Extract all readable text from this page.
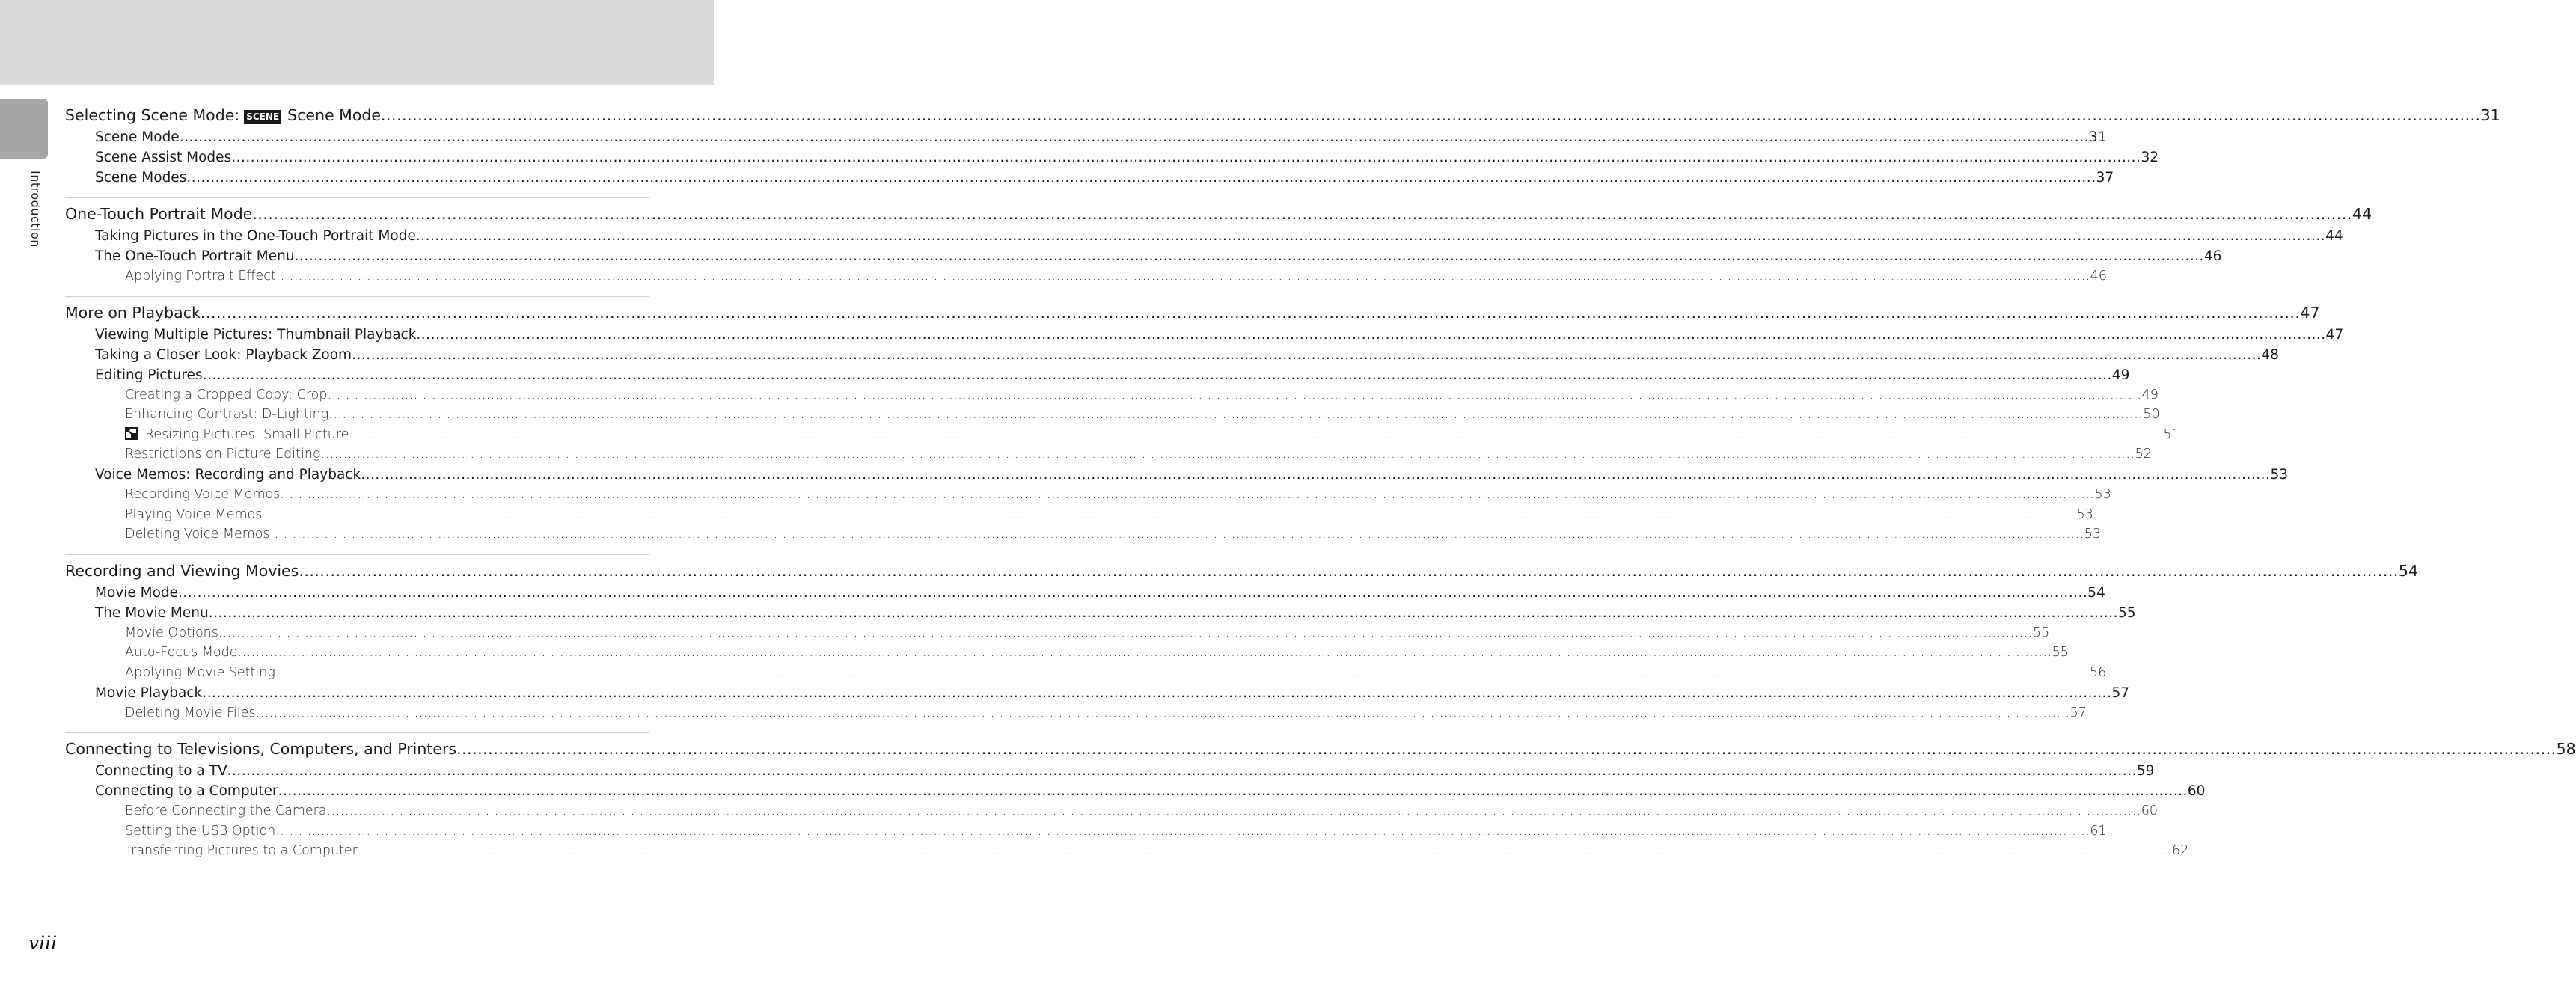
Introduction
Selecting Scene Mode: SCENE Scene Mode ................................................................................................................................................................................................................................................................................................................................................................................................................ 31
Scene Mode ................................................................................................................................................................................................................................................................................................................................................................................................................ 31
Scene Assist Modes ................................................................................................................................................................................................................................................................................................................................................................................................................ 32
Scene Modes ................................................................................................................................................................................................................................................................................................................................................................................................................ 37
One-Touch Portrait Mode ................................................................................................................................................................................................................................................................................................................................................................................................................ 44
Taking Pictures in the One-Touch Portrait Mode ................................................................................................................................................................................................................................................................................................................................................................................................................ 44
The One-Touch Portrait Menu ................................................................................................................................................................................................................................................................................................................................................................................................................ 46
Applying Portrait Effect ................................................................................................................................................................................................................................................................................................................................................................................................................ 46
More on Playback ................................................................................................................................................................................................................................................................................................................................................................................................................ 47
Viewing Multiple Pictures: Thumbnail Playback ................................................................................................................................................................................................................................................................................................................................................................................................................ 47
Taking a Closer Look: Playback Zoom ................................................................................................................................................................................................................................................................................................................................................................................................................ 48
Editing Pictures ................................................................................................................................................................................................................................................................................................................................................................................................................ 49
Creating a Cropped Copy: Crop ................................................................................................................................................................................................................................................................................................................................................................................................................ 49
Enhancing Contrast: D-Lighting ................................................................................................................................................................................................................................................................................................................................................................................................................ 50
Resizing Pictures: Small Picture ................................................................................................................................................................................................................................................................................................................................................................................................................ 51
Restrictions on Picture Editing ................................................................................................................................................................................................................................................................................................................................................................................................................ 52
Voice Memos: Recording and Playback ................................................................................................................................................................................................................................................................................................................................................................................................................ 53
Recording Voice Memos ................................................................................................................................................................................................................................................................................................................................................................................................................ 53
Playing Voice Memos ................................................................................................................................................................................................................................................................................................................................................................................................................ 53
Deleting Voice Memos ................................................................................................................................................................................................................................................................................................................................................................................................................ 53
Recording and Viewing Movies ................................................................................................................................................................................................................................................................................................................................................................................................................ 54
Movie Mode ................................................................................................................................................................................................................................................................................................................................................................................................................ 54
The Movie Menu ................................................................................................................................................................................................................................................................................................................................................................................................................ 55
Movie Options ................................................................................................................................................................................................................................................................................................................................................................................................................ 55
Auto-Focus Mode ................................................................................................................................................................................................................................................................................................................................................................................................................ 55
Applying Movie Setting ................................................................................................................................................................................................................................................................................................................................................................................................................ 56
Movie Playback ................................................................................................................................................................................................................................................................................................................................................................................................................ 57
Deleting Movie Files ................................................................................................................................................................................................................................................................................................................................................................................................................ 57
Connecting to Televisions, Computers, and Printers ................................................................................................................................................................................................................................................................................................................................................................................................................ 58
Connecting to a TV ................................................................................................................................................................................................................................................................................................................................................................................................................ 59
Connecting to a Computer ................................................................................................................................................................................................................................................................................................................................................................................................................ 60
Before Connecting the Camera ................................................................................................................................................................................................................................................................................................................................................................................................................ 60
Setting the USB Option ................................................................................................................................................................................................................................................................................................................................................................................................................ 61
Transferring Pictures to a Computer ................................................................................................................................................................................................................................................................................................................................................................................................................ 62
viii
